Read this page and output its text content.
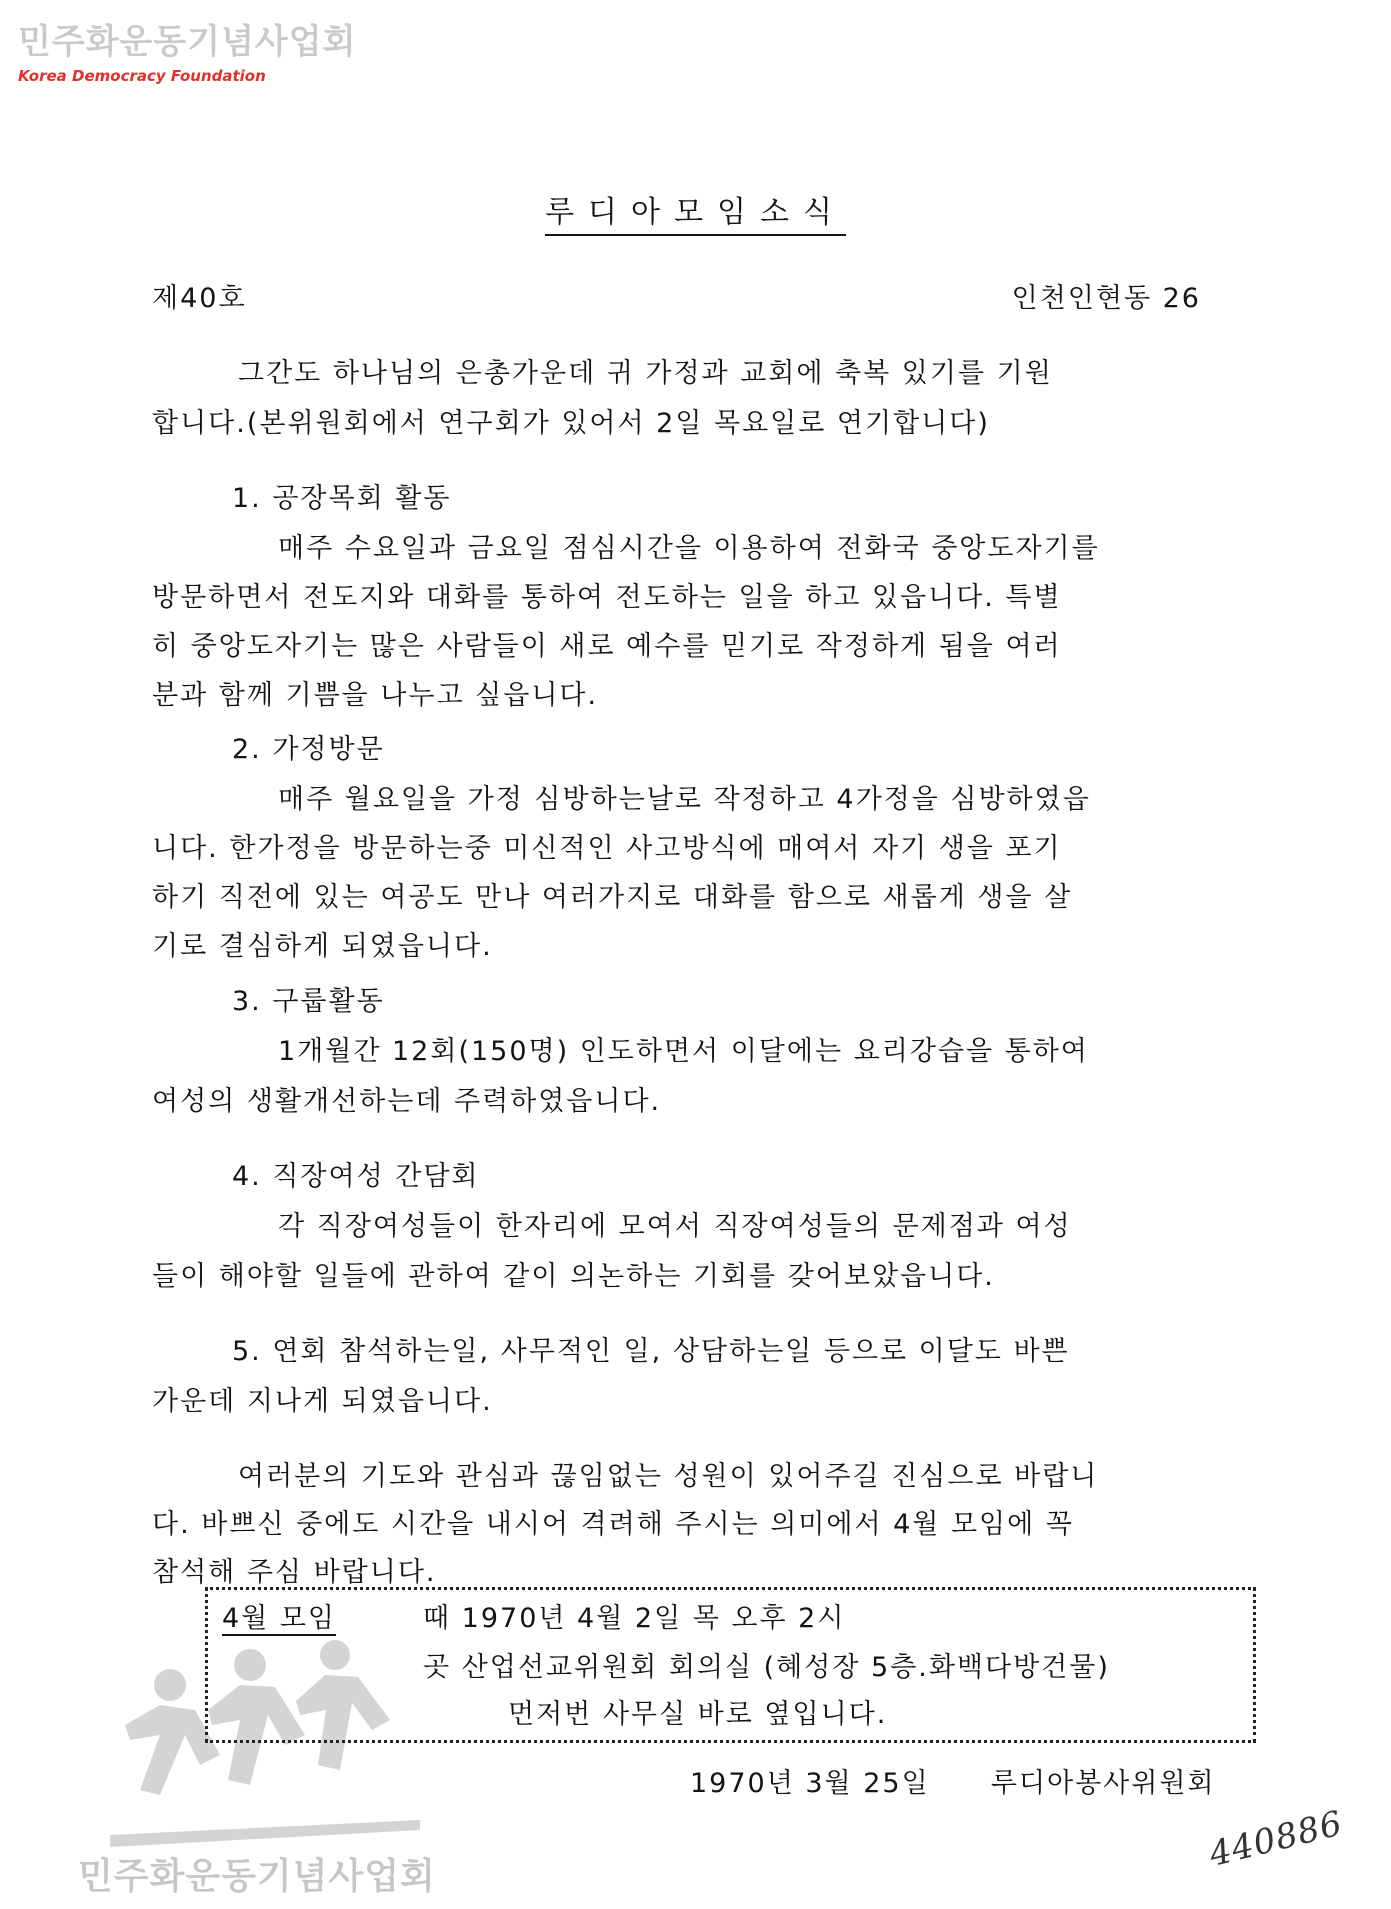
민주화운동기념사업회
Korea Democracy Foundation
루디아모임소식
제40호	인천인현동 26
그간도 하나님의 은총가운데 귀 가정과 교회에 축복 있기를 기원
합니다.(본위원회에서 연구회가 있어서 2일 목요일로 연기합니다)
1. 공장목회 활동
매주 수요일과 금요일 점심시간을 이용하여 전화국 중앙도자기를
방문하면서 전도지와 대화를 통하여 전도하는 일을 하고 있읍니다. 특별
히 중앙도자기는 많은 사람들이 새로 예수를 믿기로 작정하게 됨을 여러
분과 함께 기쁨을 나누고 싶읍니다.
2. 가정방문
매주 월요일을 가정 심방하는날로 작정하고 4가정을 심방하였읍
니다. 한가정을 방문하는중 미신적인 사고방식에 매여서 자기 생을 포기
하기 직전에 있는 여공도 만나 여러가지로 대화를 함으로 새롭게 생을 살
기로 결심하게 되였읍니다.
3. 구룹활동
1개월간 12회(150명) 인도하면서 이달에는 요리강습을 통하여
여성의 생활개선하는데 주력하였읍니다.
4. 직장여성 간담회
각 직장여성들이 한자리에 모여서 직장여성들의 문제점과 여성
들이 해야할 일들에 관하여 같이 의논하는 기회를 갖어보았읍니다.
5. 연회 참석하는일, 사무적인 일, 상담하는일 등으로 이달도 바쁜
가운데 지나게 되였읍니다.
여러분의 기도와 관심과 끊임없는 성원이 있어주길 진심으로 바랍니
다. 바쁘신 중에도 시간을 내시어 격려해 주시는 의미에서 4월 모임에 꼭
참석해 주심 바랍니다.
4월 모임	때 1970년 4월 2일 목 오후 2시
곳 산업선교위원회 회의실 (혜성장 5층.화백다방건물)
먼저번 사무실 바로 옆입니다.
1970년 3월 25일 루디아봉사위원회
민주화운동기념사업회
440886
